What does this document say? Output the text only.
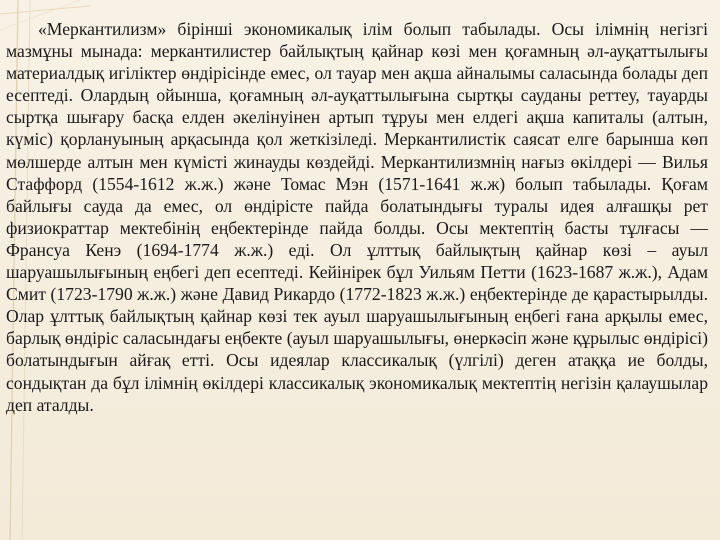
«Меркантилизм» бірінші экономикалық ілім болып табылады. Осы ілімнің негізгі мазмұны мынада: меркантилистер байлықтың қайнар көзі мен қоғамның әл-ауқаттылығы материалдық игіліктер өндірісінде емес, ол тауар мен ақша айналымы саласында болады деп есептеді. Олардың ойынша, қоғамның әл-ауқаттылығына сыртқы сауданы реттеу, тауарды сыртқа шығару басқа елден әкелінуінен артып тұруы мен елдегі ақша капиталы (алтын, күміс) қорлануының арқасында қол жеткізіледі. Меркантилистік саясат елге барынша көп мөлшерде алтын мен күмісті жинауды көздейді. Меркантилизмнің нағыз өкілдері — Вилья Стаффорд (1554-1612 ж.ж.) және Томас Мэн (1571-1641 ж.ж) болып табылады. Қоғам байлығы сауда да емес, ол өндірісте пайда болатындығы туралы идея алғашқы рет физиократтар мектебінің еңбектерінде пайда болды. Осы мектептің басты тұлғасы — Франсуа Кенэ (1694-1774 ж.ж.) еді. Ол ұлттық байлықтың қайнар көзі – ауыл шаруашылығының еңбегі деп есептеді. Кейінірек бұл Уильям Петти (1623-1687 ж.ж.), Адам Смит (1723-1790 ж.ж.) және Давид Рикардо (1772-1823 ж.ж.) еңбектерінде де қарастырылды. Олар ұлттық байлықтың қайнар көзі тек ауыл шаруашылығының еңбегі ғана арқылы емес, барлық өндіріс саласындағы еңбекте (ауыл шаруашылығы, өнеркәсіп және құрылыс өндірісі) болатындығын айғақ етті. Осы идеялар классикалық (үлгілі) деген атаққа ие болды, сондықтан да бұл ілімнің өкілдері классикалық экономикалық мектептің негізін қалаушылар деп аталды.
